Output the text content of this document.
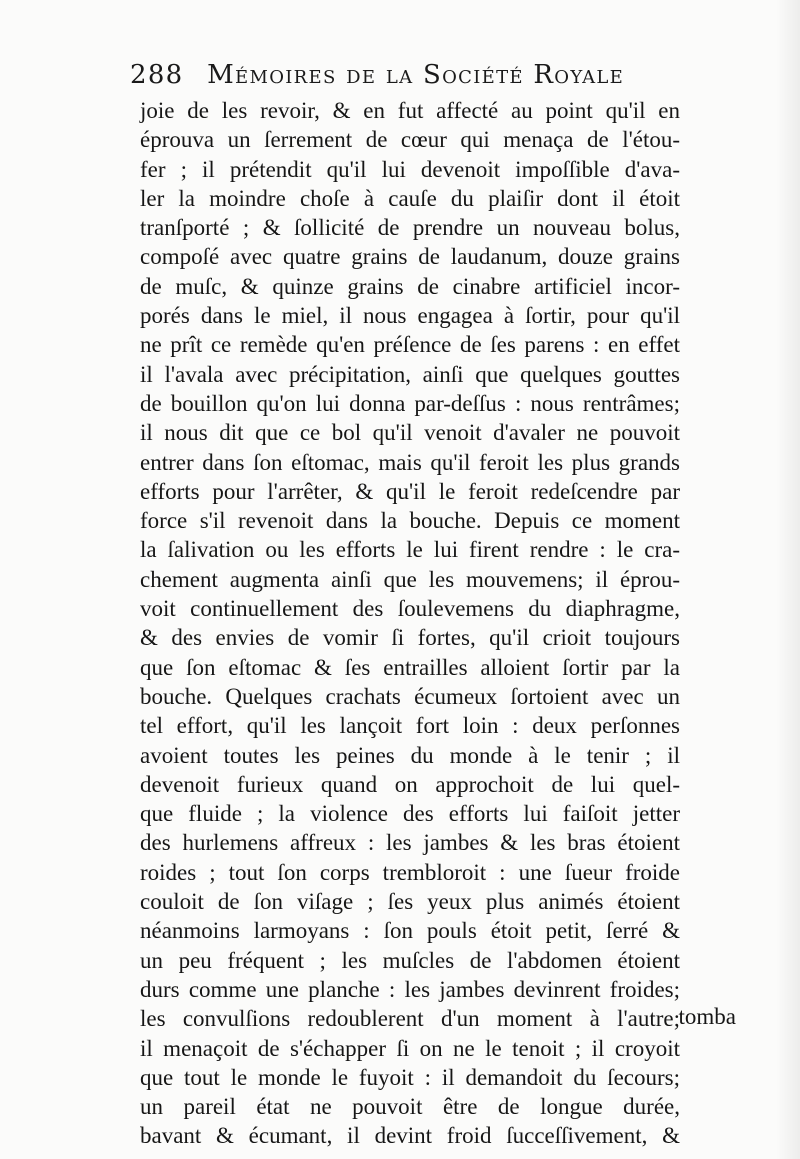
288 Mémoires de la Société Royale
joie de les revoir, & en fut affecté au point qu'il en
éprouva un ſerrement de cœur qui menaça de l'étou-
fer ; il prétendit qu'il lui devenoit impoſſible d'ava-
ler la moindre choſe à cauſe du plaiſir dont il étoit
tranſporté ; & ſollicité de prendre un nouveau bolus,
compoſé avec quatre grains de laudanum, douze grains
de muſc, & quinze grains de cinabre artificiel incor-
porés dans le miel, il nous engagea à ſortir, pour qu'il
ne prît ce remède qu'en préſence de ſes parens : en effet
il l'avala avec précipitation, ainſi que quelques gouttes
de bouillon qu'on lui donna par-deſſus : nous rentrâmes;
il nous dit que ce bol qu'il venoit d'avaler ne pouvoit
entrer dans ſon eſtomac, mais qu'il feroit les plus grands
efforts pour l'arrêter, & qu'il le feroit redeſcendre par
force s'il revenoit dans la bouche. Depuis ce moment
la ſalivation ou les efforts le lui firent rendre : le cra-
chement augmenta ainſi que les mouvemens; il éprou-
voit continuellement des ſoulevemens du diaphragme,
& des envies de vomir ſi fortes, qu'il crioit toujours
que ſon eſtomac & ſes entrailles alloient ſortir par la
bouche. Quelques crachats écumeux ſortoient avec un
tel effort, qu'il les lançoit fort loin : deux perſonnes
avoient toutes les peines du monde à le tenir ; il
devenoit furieux quand on approchoit de lui quel-
que fluide ; la violence des efforts lui faiſoit jetter
des hurlemens affreux : les jambes & les bras étoient
roides ; tout ſon corps trembloroit : une ſueur froide
couloit de ſon viſage ; ſes yeux plus animés étoient
néanmoins larmoyans : ſon pouls étoit petit, ſerré &
un peu fréquent ; les muſcles de l'abdomen étoient
durs comme une planche : les jambes devinrent froides;
les convulſions redoublerent d'un moment à l'autre;
il menaçoit de s'échapper ſi on ne le tenoit ; il croyoit
que tout le monde le fuyoit : il demandoit du ſecours;
un pareil état ne pouvoit être de longue durée,
bavant & écumant, il devint froid ſucceſſivement, &
tomba
